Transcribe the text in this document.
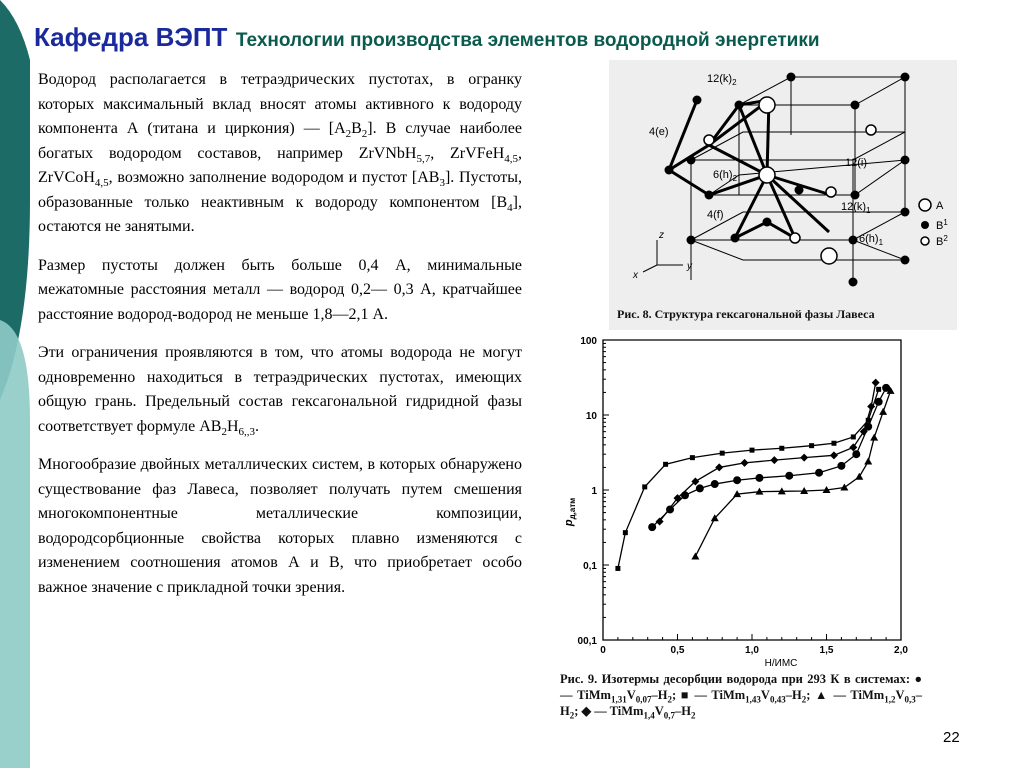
Кафедра ВЭПТ Технологии производства элементов водородной энергетики

Водород располагается в тетраэдрических пустотах, в огранку которых максимальный вклад вносят атомы активного к водороду компонента А (титана и циркония) — $[A_2B_2]$. В случае наиболее богатых водородом составов, например ZrVNbH$_{5,7}$, ZrVFeH$_{4,5}$, ZrVCoH$_{4,5}$, возможно заполнение водородом и пустот $[AB_3]$. Пустоты, образованные только неактивным к водороду компонентом $[B_4]$, остаются не занятыми.

Размер пустоты должен быть больше 0,4 А, минимальные межатомные расстояния металл — водород 0,2— 0,3 А, кратчайшее расстояние водород-водород не меньше 1,8—2,1 А.

Эти ограничения проявляются в том, что атомы водорода не могут одновременно находиться в тетраэдрических пустотах, имеющих общую грань. Предельный состав гексагональной гидридной фазы соответствует формуле $AB_2H_{6,,3}$.

Многообразие двойных металлических систем, в которых обнаружено существование фаз Лавеса, позволяет получать путем смешения многокомпонентные металлические композиции, водородсорбционные свойства которых плавно изменяются с изменением соотношения атомов А и В, что приобретает особо важное значение с прикладной точки зрения.

$12(k)_2$
4(e)
12(i)
$6(h)_2$
$12(k)_1$
4(f)
$6(h)_1$
z
y
x
A
$B^1$
$B^2$
Рис. 8. Структура гексагональной фазы Лавеса
0	0,5	1,0	1,5	2,0
00,1
0,1
1
10
100
Н/ИМС
$p_{д,атм}$
Рис. 9. Изотермы десорбции водорода при 293 К в системах: ● — $TiMm_{1,31}V_{0,07}-H_2$; ■ — $TiMm_{1,43}V_{0,43}-H_2$; ▲ — $TiMm_{1,2}V_{0,3}-H_2$; ◆ — $TiMm_{1,4}V_{0,7}-H_2$
22
